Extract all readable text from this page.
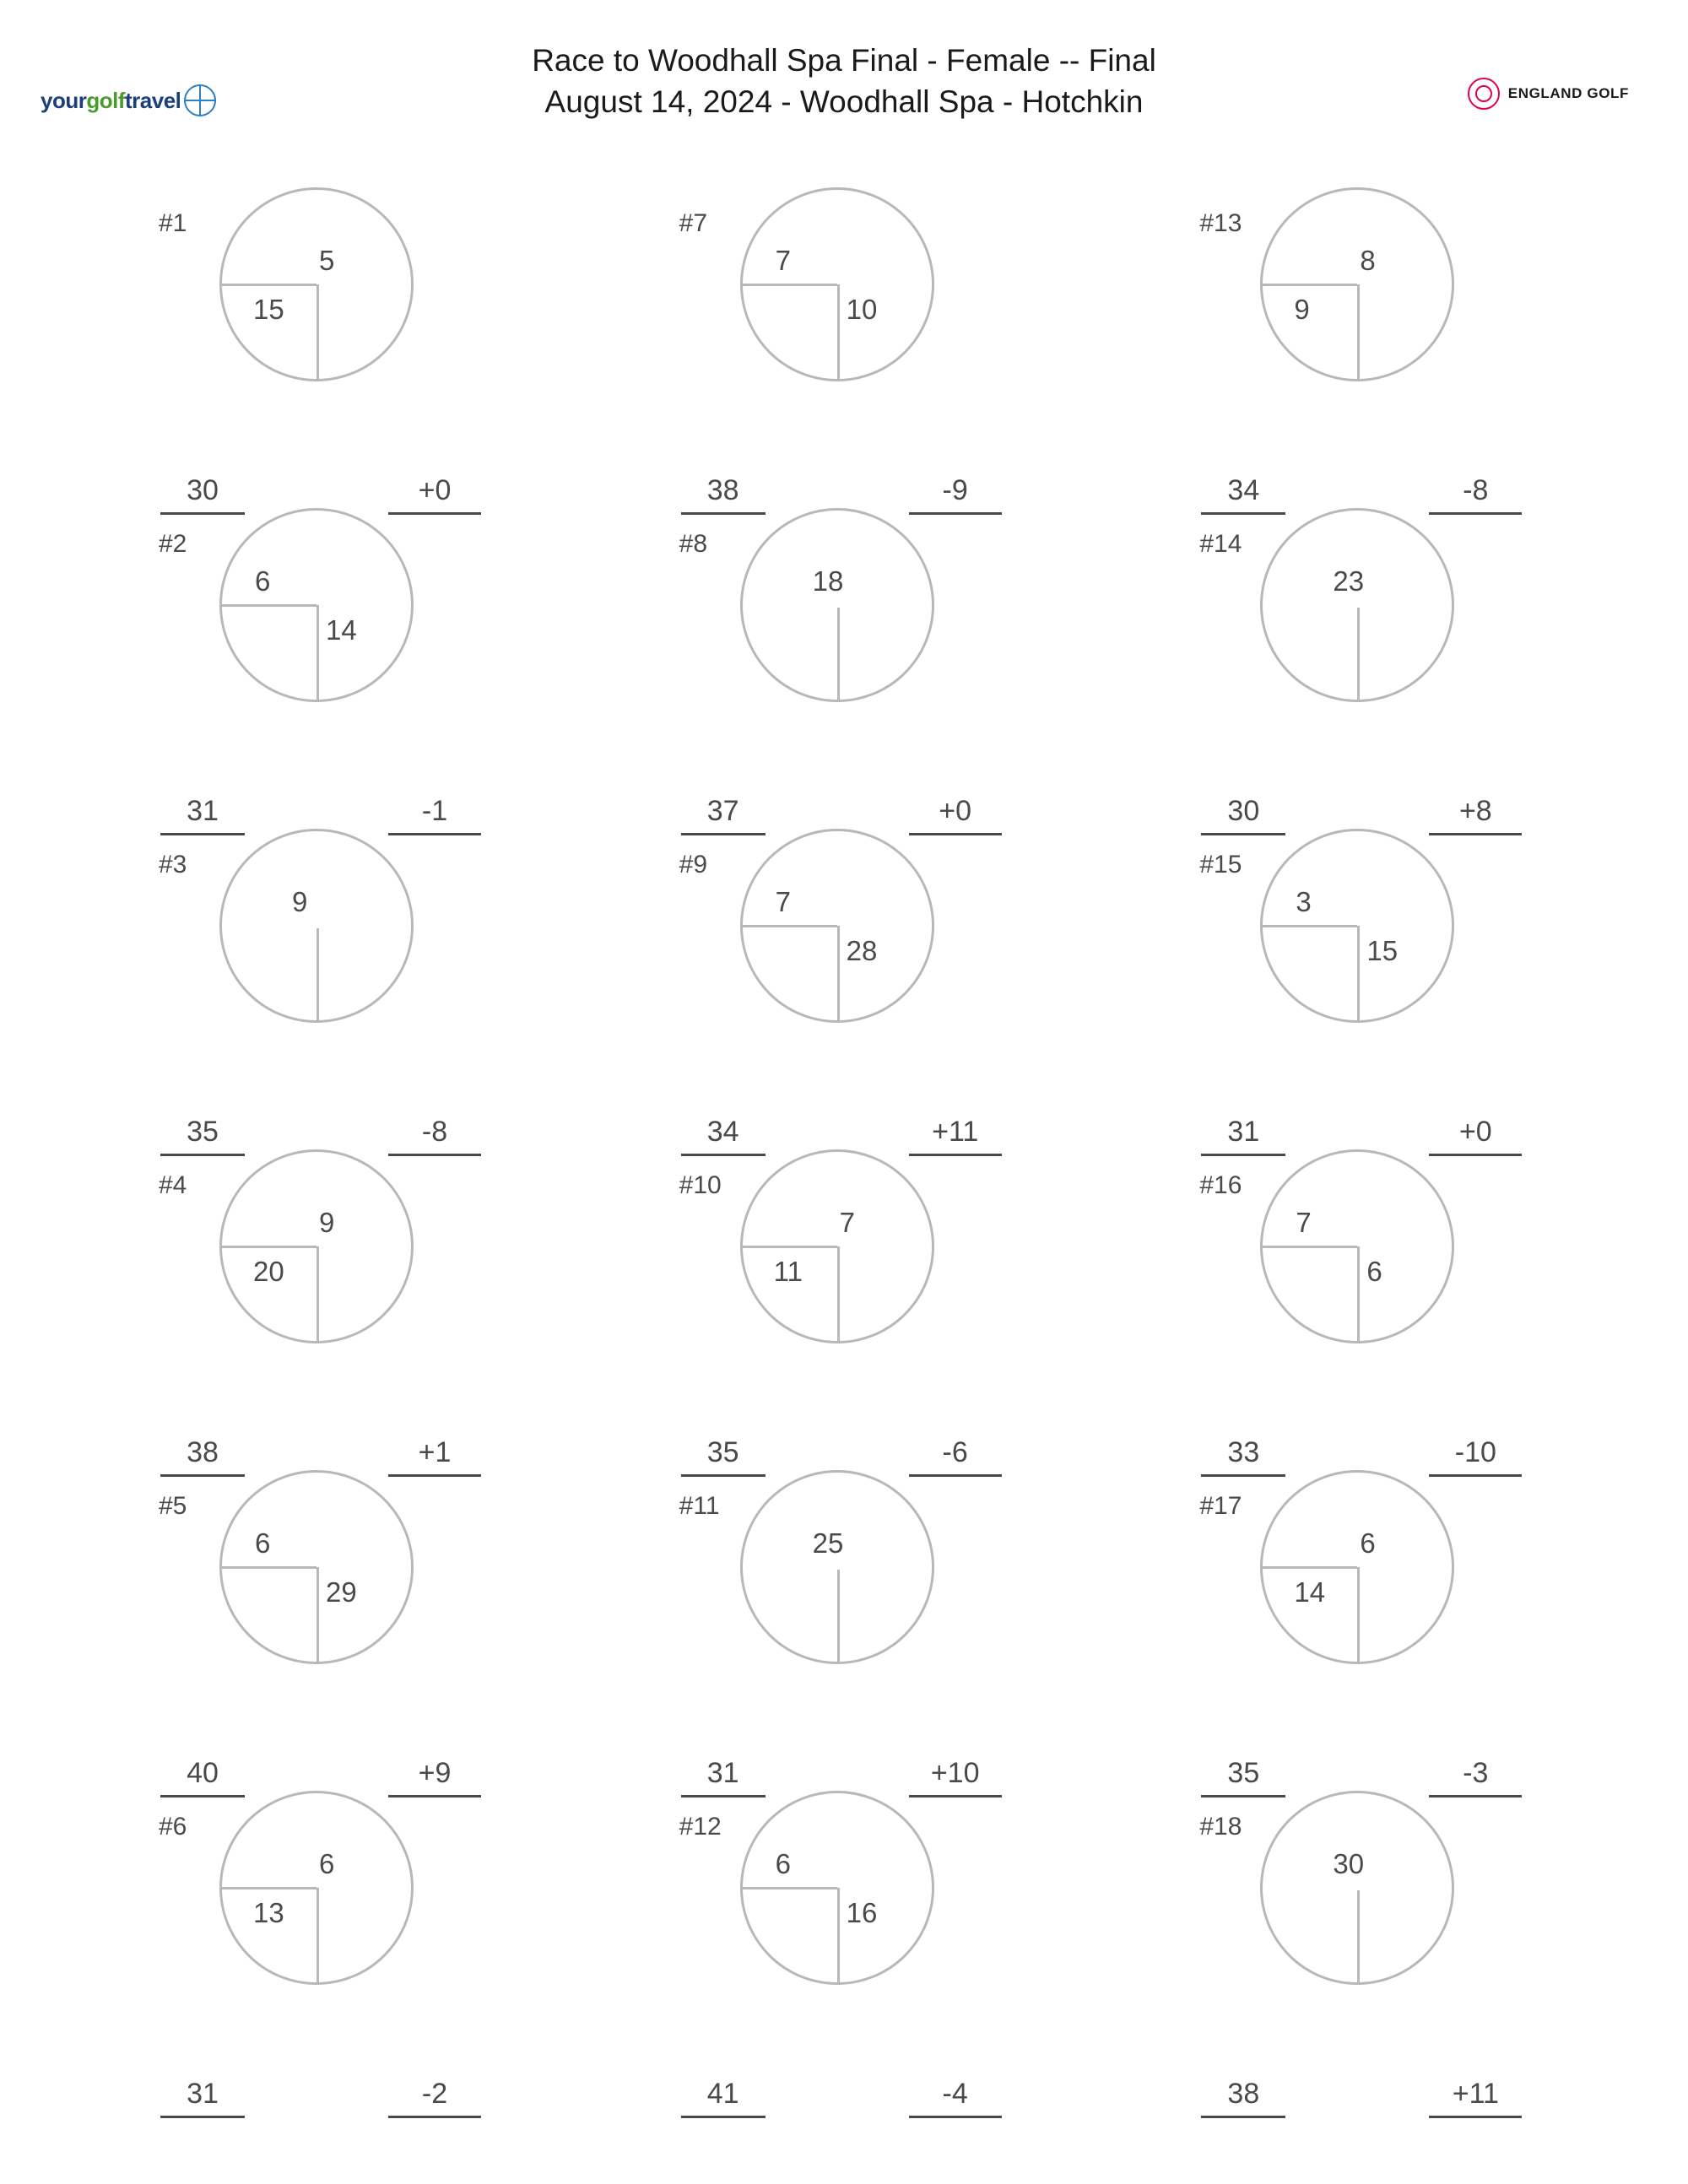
yourgolftravel
Race to Woodhall Spa Final - Female -- Final
August 14, 2024 - Woodhall Spa - Hotchkin	ENGLAND GOLF
#1
5
15
30	+0
#7
7
10
38	-9
#13
8
9
34	-8
#2
6
14
31	-1
#8
18
37	+0
#14
23
30	+8
#3
9
35	-8
#9
7
28
34	+11
#15
3
15
31	+0
#4
9
20
38	+1
#10
7
11
35	-6
#16
7
6
33	-10
#5
6
29
40	+9
#11
25
31	+10
#17
6
14
35	-3
#6
6
13
31	-2
#12
6
16
41	-4
#18
30
38	+11
